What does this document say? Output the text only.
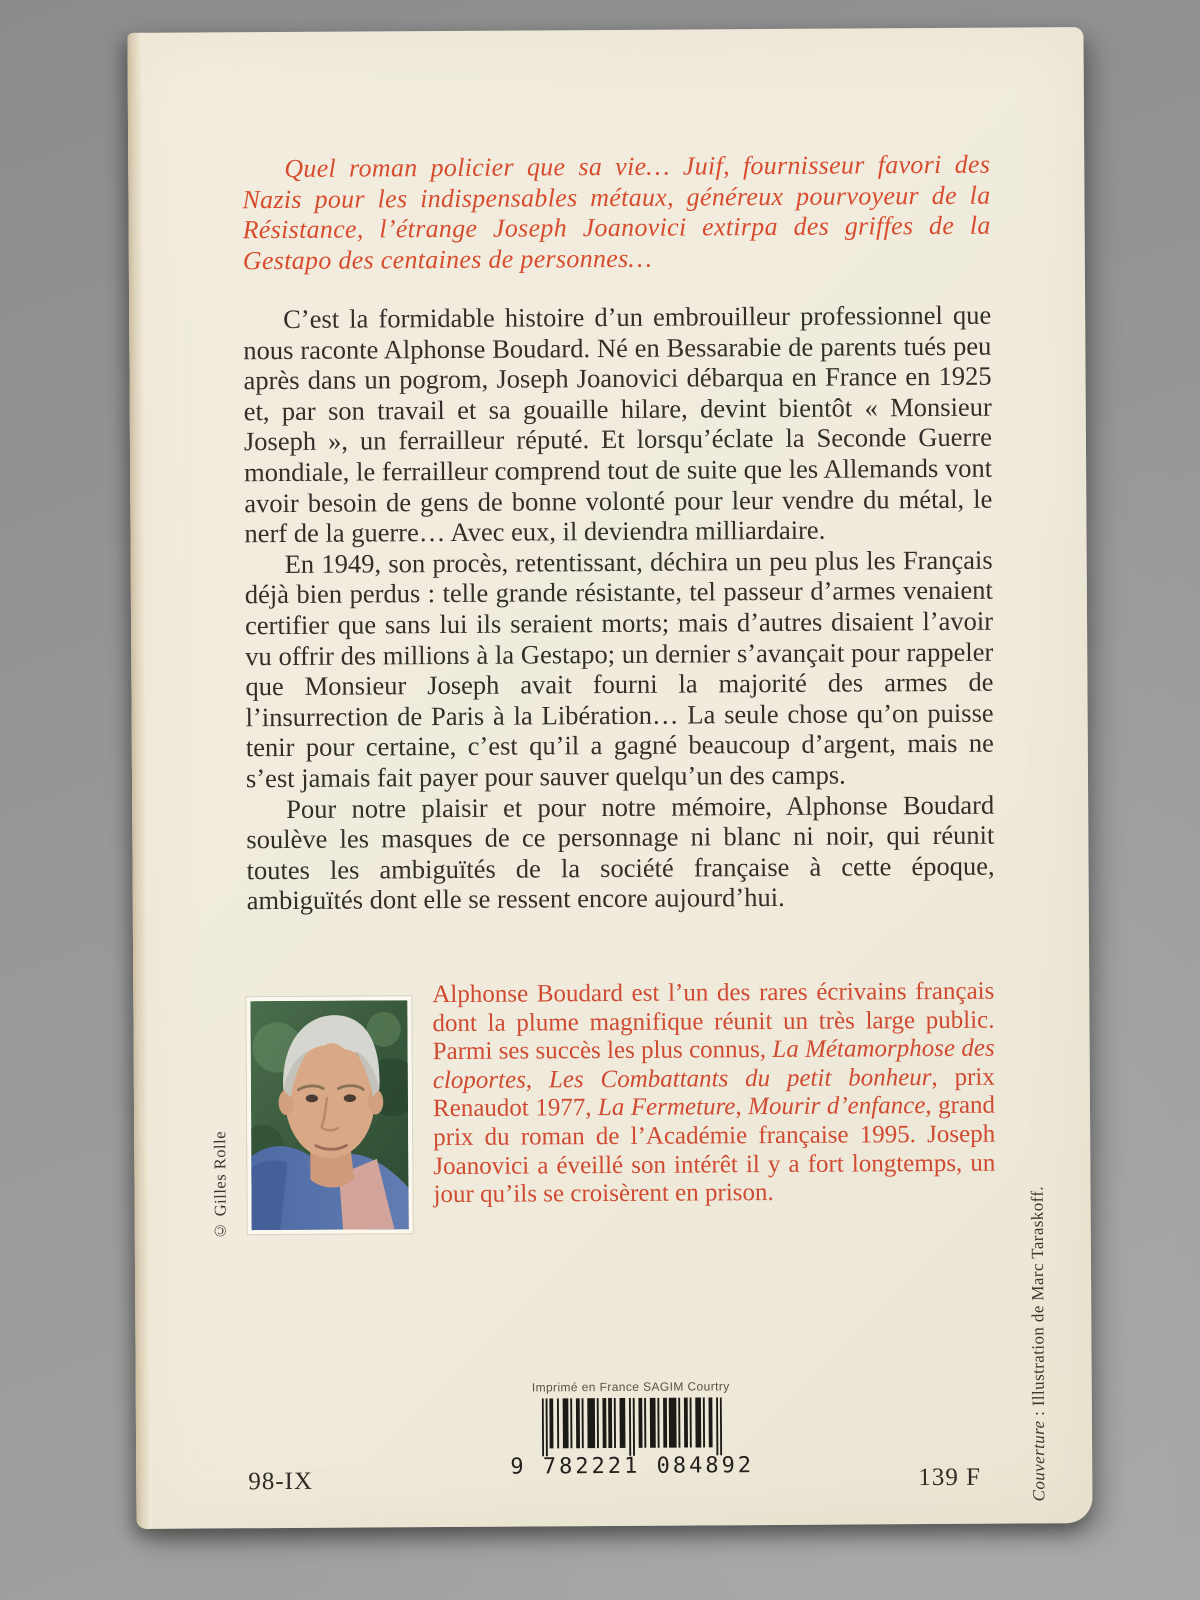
Quel roman policier que sa vie… Juif, fournisseur favori des Nazis pour les indispensables métaux, généreux pourvoyeur de la Résistance, l’étrange Joseph Joanovici extirpa des griffes de la Gestapo des centaines de personnes…

C’est la formidable histoire d’un embrouilleur professionnel que nous raconte Alphonse Boudard. Né en Bessarabie de parents tués peu après dans un pogrom, Joseph Joanovici débarqua en France en 1925 et, par son travail et sa gouaille hilare, devint bientôt « Monsieur Joseph », un ferrailleur réputé. Et lorsqu’éclate la Seconde Guerre mondiale, le ferrailleur comprend tout de suite que les Allemands vont avoir besoin de gens de bonne volonté pour leur vendre du métal, le nerf de la guerre… Avec eux, il deviendra milliardaire.

En 1949, son procès, retentissant, déchira un peu plus les Français déjà bien perdus : telle grande résistante, tel passeur d’armes venaient certifier que sans lui ils seraient morts; mais d’autres disaient l’avoir vu offrir des millions à la Gestapo; un dernier s’avançait pour rappeler que Monsieur Joseph avait fourni la majorité des armes de l’insurrection de Paris à la Libération… La seule chose qu’on puisse tenir pour certaine, c’est qu’il a gagné beaucoup d’argent, mais ne s’est jamais fait payer pour sauver quelqu’un des camps.

Pour notre plaisir et pour notre mémoire, Alphonse Boudard soulève les masques de ce personnage ni blanc ni noir, qui réunit toutes les ambiguïtés de la société française à cette époque, ambiguïtés dont elle se ressent encore aujourd’hui.

© Gilles Rolle

Alphonse Boudard est l’un des rares écrivains français dont la plume magnifique réunit un très large public. Parmi ses succès les plus connus, La Métamorphose des cloportes, Les Combattants du petit bonheur, prix Renaudot 1977, La Fermeture, Mourir d’enfance, grand prix du roman de l’Académie française 1995. Joseph Joanovici a éveillé son intérêt il y a fort longtemps, un jour qu’ils se croisèrent en prison.

Couverture : Illustration de Marc Taraskoff.
Imprimé en France SAGIM Courtry
9 782221 084892
98-IX	139 F
